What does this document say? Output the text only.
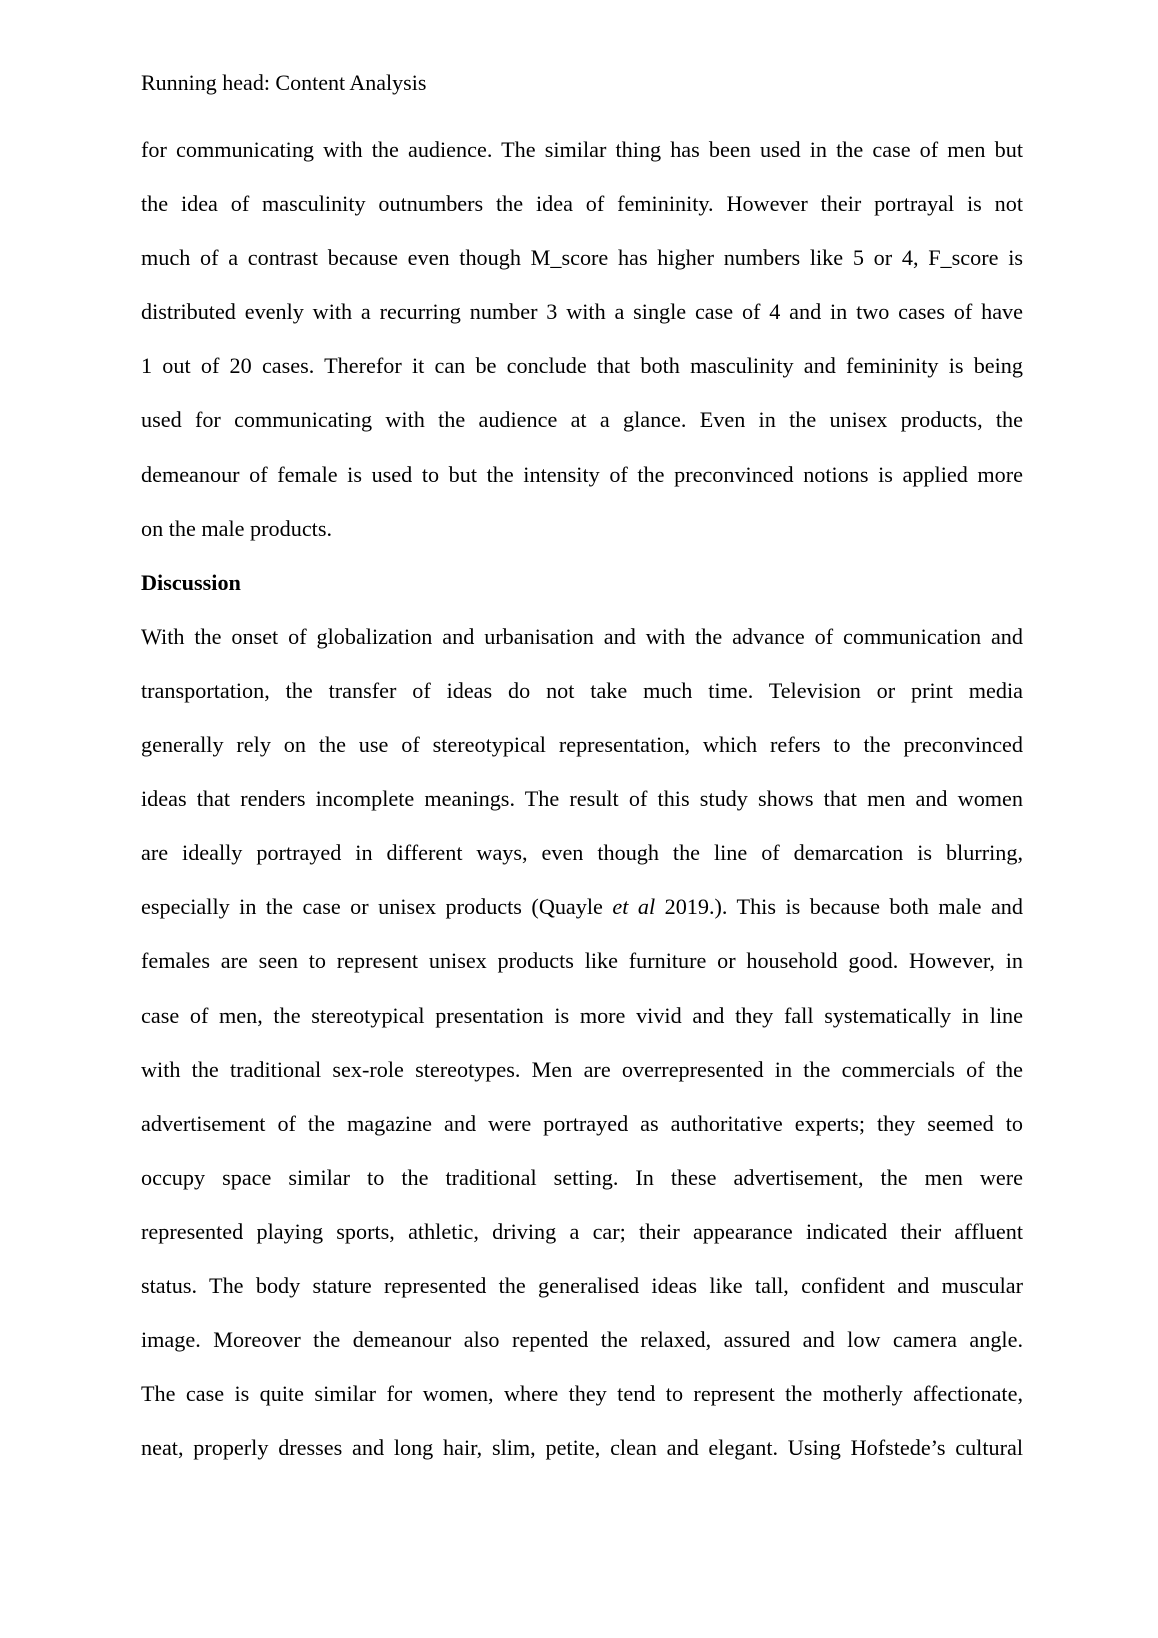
Running head: Content Analysis
for communicating with the audience. The similar thing has been used in the case of men but
the idea of masculinity outnumbers the idea of femininity. However their portrayal is not
much of a contrast because even though M_score has higher numbers like 5 or 4, F_score is
distributed evenly with a recurring number 3 with a single case of 4 and in two cases of have
1 out of 20 cases. Therefor it can be conclude that both masculinity and femininity is being
used for communicating with the audience at a glance. Even in the unisex products, the
demeanour of female is used to but the intensity of the preconvinced notions is applied more
on the male products.
Discussion
With the onset of globalization and urbanisation and with the advance of communication and
transportation, the transfer of ideas do not take much time. Television or print media
generally rely on the use of stereotypical representation, which refers to the preconvinced
ideas that renders incomplete meanings. The result of this study shows that men and women
are ideally portrayed in different ways, even though the line of demarcation is blurring,
especially in the case or unisex products (Quayle et al 2019.). This is because both male and
females are seen to represent unisex products like furniture or household good. However, in
case of men, the stereotypical presentation is more vivid and they fall systematically in line
with the traditional sex-role stereotypes. Men are overrepresented in the commercials of the
advertisement of the magazine and were portrayed as authoritative experts; they seemed to
occupy space similar to the traditional setting. In these advertisement, the men were
represented playing sports, athletic, driving a car; their appearance indicated their affluent
status. The body stature represented the generalised ideas like tall, confident and muscular
image. Moreover the demeanour also repented the relaxed, assured and low camera angle.
The case is quite similar for women, where they tend to represent the motherly affectionate,
neat, properly dresses and long hair, slim, petite, clean and elegant. Using Hofstede’s cultural
